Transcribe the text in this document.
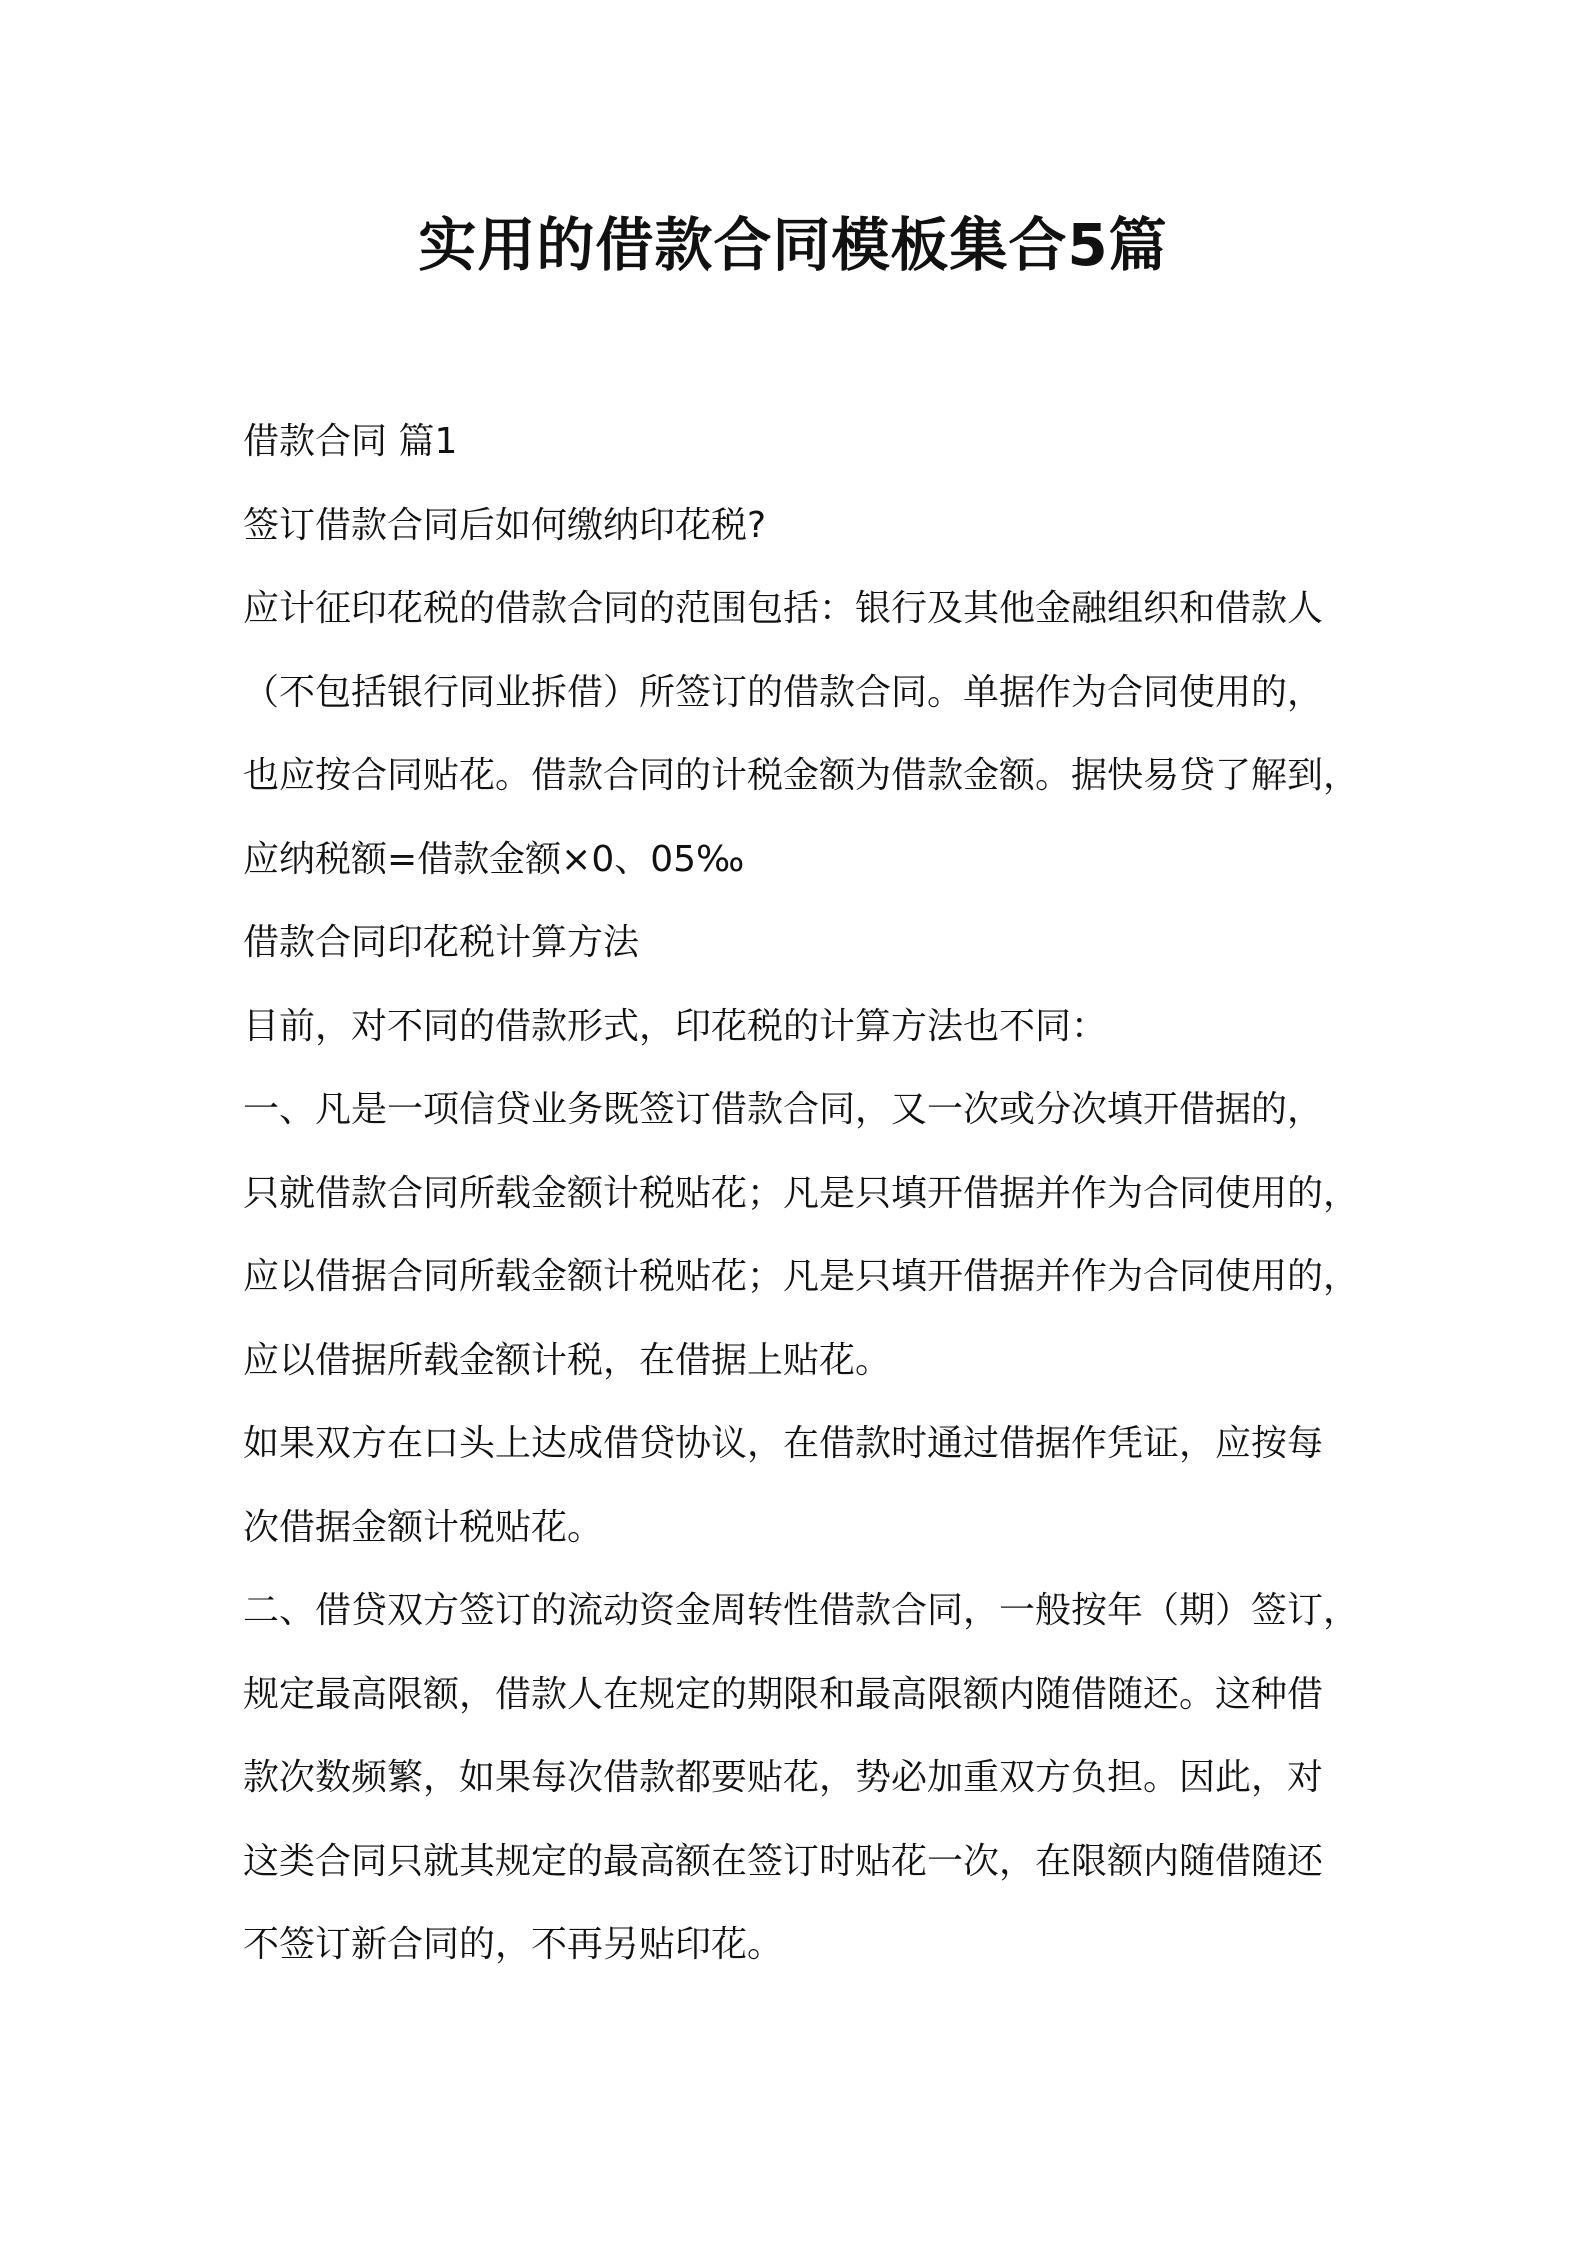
实用的借款合同模板集合5篇
借款合同 篇1
签订借款合同后如何缴纳印花税?
应计征印花税的借款合同的范围包括：银行及其他金融组织和借款人
（不包括银行同业拆借）所签订的借款合同。单据作为合同使用的，
也应按合同贴花。借款合同的计税金额为借款金额。据快易贷了解到，
应纳税额=借款金额×0、05‰
借款合同印花税计算方法
目前，对不同的借款形式，印花税的计算方法也不同：
一、凡是一项信贷业务既签订借款合同，又一次或分次填开借据的，
只就借款合同所载金额计税贴花；凡是只填开借据并作为合同使用的，
应以借据合同所载金额计税贴花；凡是只填开借据并作为合同使用的，
应以借据所载金额计税，在借据上贴花。
如果双方在口头上达成借贷协议，在借款时通过借据作凭证，应按每
次借据金额计税贴花。
二、借贷双方签订的流动资金周转性借款合同，一般按年（期）签订，
规定最高限额，借款人在规定的期限和最高限额内随借随还。这种借
款次数频繁，如果每次借款都要贴花，势必加重双方负担。因此，对
这类合同只就其规定的最高额在签订时贴花一次，在限额内随借随还
不签订新合同的，不再另贴印花。
